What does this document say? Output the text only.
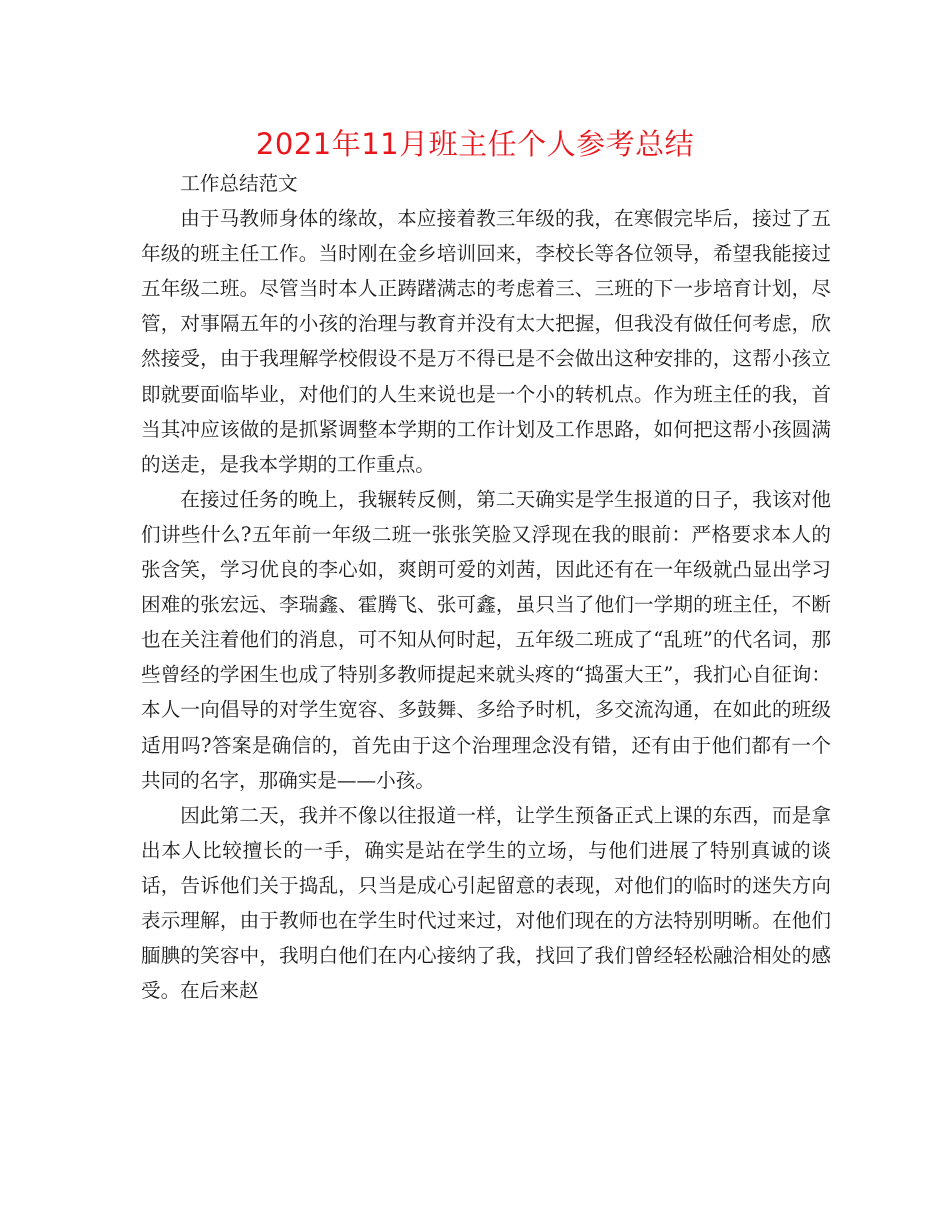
2021年11月班主任个人参考总结

工作总结范文

由于马教师身体的缘故，本应接着教三年级的我，在寒假完毕后，接过了五年级的班主任工作。当时刚在金乡培训回来，李校长等各位领导，希望我能接过五年级二班。尽管当时本人正踌躇满志的考虑着三、三班的下一步培育计划，尽管，对事隔五年的小孩的治理与教育并没有太大把握，但我没有做任何考虑，欣然接受，由于我理解学校假设不是万不得已是不会做出这种安排的，这帮小孩立即就要面临毕业，对他们的人生来说也是一个小的转机点。作为班主任的我，首当其冲应该做的是抓紧调整本学期的工作计划及工作思路，如何把这帮小孩圆满的送走，是我本学期的工作重点。

在接过任务的晚上，我辗转反侧，第二天确实是学生报道的日子，我该对他们讲些什么?五年前一年级二班一张张笑脸又浮现在我的眼前：严格要求本人的张含笑，学习优良的李心如，爽朗可爱的刘茜，因此还有在一年级就凸显出学习困难的张宏远、李瑞鑫、霍腾飞、张可鑫，虽只当了他们一学期的班主任，不断也在关注着他们的消息，可不知从何时起，五年级二班成了“乱班”的代名词，那些曾经的学困生也成了特别多教师提起来就头疼的“捣蛋大王”，我扪心自征询：本人一向倡导的对学生宽容、多鼓舞、多给予时机，多交流沟通，在如此的班级适用吗?答案是确信的，首先由于这个治理理念没有错，还有由于他们都有一个共同的名字，那确实是——小孩。

因此第二天，我并不像以往报道一样，让学生预备正式上课的东西，而是拿出本人比较擅长的一手，确实是站在学生的立场，与他们进展了特别真诚的谈话，告诉他们关于捣乱，只当是成心引起留意的表现，对他们的临时的迷失方向表示理解，由于教师也在学生时代过来过，对他们现在的方法特别明晰。在他们腼腆的笑容中，我明白他们在内心接纳了我，找回了我们曾经轻松融洽相处的感受。在后来赵
